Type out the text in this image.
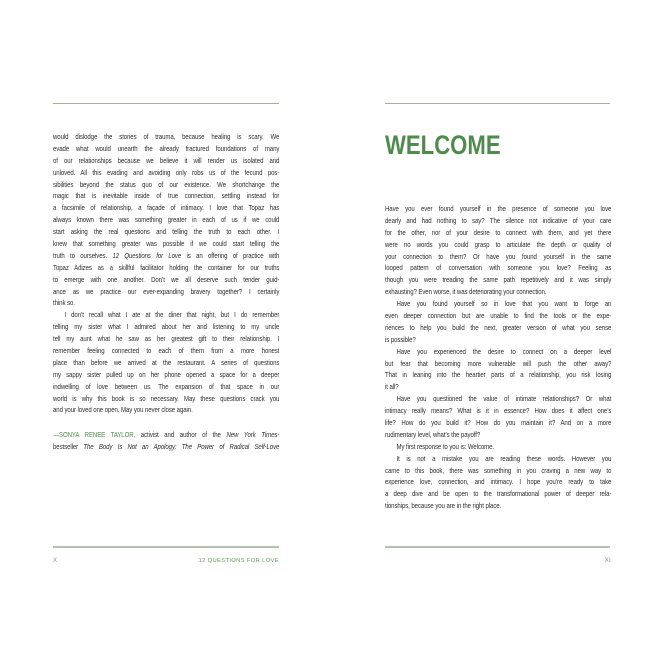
would dislodge the stories of trauma, because healing is scary. We
evade what would unearth the already fractured foundations of many
of our relationships because we believe it will render us isolated and
unloved. All this evading and avoiding only robs us of the fecund pos-
sibilities beyond the status quo of our existence. We shortchange the
magic that is inevitable inside of true connection, settling instead for
a facsimile of relationship, a façade of intimacy. I love that Topaz has
always known there was something greater in each of us if we could
start asking the real questions and telling the truth to each other. I
knew that something greater was possible if we could start telling the
truth to ourselves. 12 Questions for Love is an offering of practice with
Topaz Adizes as a skillful facilitator holding the container for our truths
to emerge with one another. Don’t we all deserve such tender guid-
ance as we practice our ever-expanding bravery together? I certainly
think so.
I don’t recall what I ate at the diner that night, but I do remember
telling my sister what I admired about her and listening to my uncle
tell my aunt what he saw as her greatest gift to their relationship. I
remember feeling connected to each of them from a more honest
place than before we arrived at the restaurant. A series of questions
my sappy sister pulled up on her phone opened a space for a deeper
indwelling of love between us. The expansion of that space in our
world is why this book is so necessary. May these questions crack you
and your loved one open. May you never close again.
—SONYA RENEE TAYLOR, activist and author of the New York Times-
bestseller The Body Is Not an Apology: The Power of Radical Self-Love
X	12 QUESTIONS FOR LOVE
WELCOME
Have you ever found yourself in the presence of someone you love
dearly and had nothing to say? The silence not indicative of your care
for the other, nor of your desire to connect with them, and yet there
were no words you could grasp to articulate the depth or quality of
your connection to them? Or have you found yourself in the same
looped pattern of conversation with someone you love? Feeling as
though you were treading the same path repetitively and it was simply
exhausting? Even worse, it was deteriorating your connection.
Have you found yourself so in love that you want to forge an
even deeper connection but are unable to find the tools or the expe-
riences to help you build the next, greater version of what you sense
is possible?
Have you experienced the desire to connect on a deeper level
but fear that becoming more vulnerable will push the other away?
That in leaning into the heartier parts of a relationship, you risk losing
it all?
Have you questioned the value of intimate relationships? Or what
intimacy really means? What is it in essence? How does it affect one’s
life? How do you build it? How do you maintain it? And on a more
rudimentary level, what’s the payoff?
My first response to you is: Welcome.
It is not a mistake you are reading these words. However you
came to this book, there was something in you craving a new way to
experience love, connection, and intimacy. I hope you’re ready to take
a deep dive and be open to the transformational power of deeper rela-
tionships, because you are in the right place.
XI
